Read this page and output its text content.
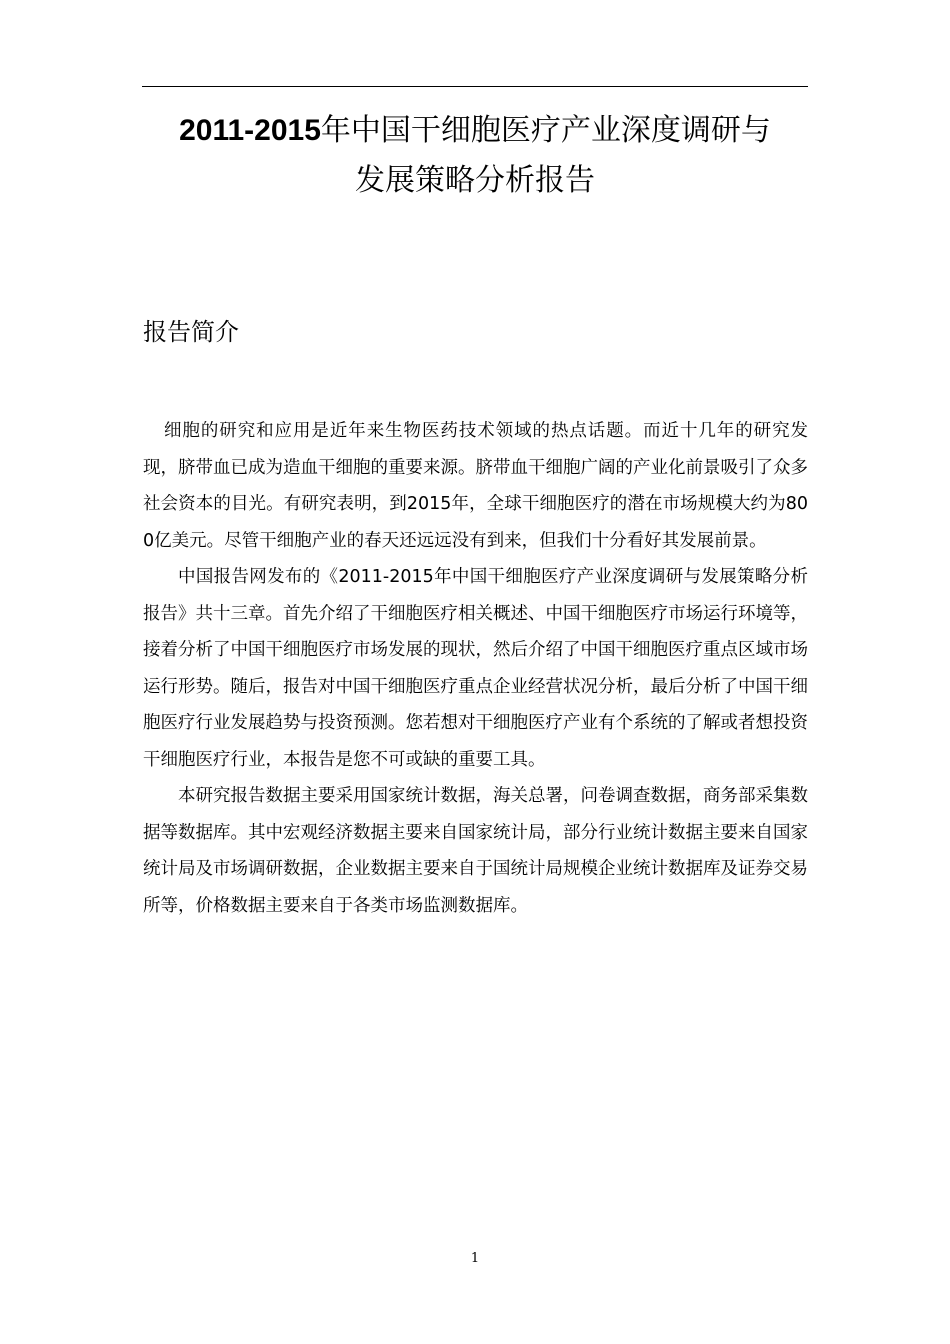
2011-2015年中国干细胞医疗产业深度调研与
发展策略分析报告
报告简介

细胞的研究和应用是近年来生物医药技术领域的热点话题。而近十几年的研究发现，脐带血已成为造血干细胞的重要来源。脐带血干细胞广阔的产业化前景吸引了众多社会资本的目光。有研究表明，到2015年，全球干细胞医疗的潜在市场规模大约为800亿美元。尽管干细胞产业的春天还远远没有到来，但我们十分看好其发展前景。

中国报告网发布的《2011-2015年中国干细胞医疗产业深度调研与发展策略分析报告》共十三章。首先介绍了干细胞医疗相关概述、中国干细胞医疗市场运行环境等，接着分析了中国干细胞医疗市场发展的现状，然后介绍了中国干细胞医疗重点区域市场运行形势。随后，报告对中国干细胞医疗重点企业经营状况分析，最后分析了中国干细胞医疗行业发展趋势与投资预测。您若想对干细胞医疗产业有个系统的了解或者想投资干细胞医疗行业，本报告是您不可或缺的重要工具。

本研究报告数据主要采用国家统计数据，海关总署，问卷调查数据，商务部采集数据等数据库。其中宏观经济数据主要来自国家统计局，部分行业统计数据主要来自国家统计局及市场调研数据，企业数据主要来自于国统计局规模企业统计数据库及证券交易所等，价格数据主要来自于各类市场监测数据库。

1
